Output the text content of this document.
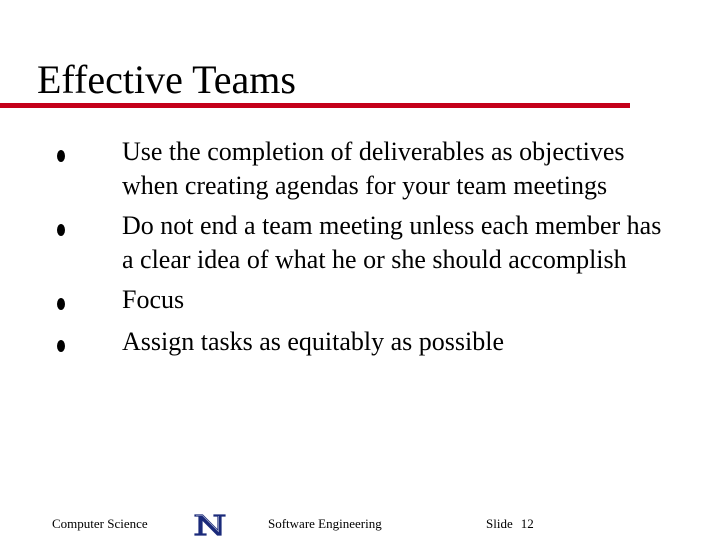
Effective Teams
Use the completion of deliverables as objectives when creating agendas for your team meetings
Do not end a team meeting unless each member has a clear idea of what he or she should accomplish
Focus
Assign tasks as equitably as possible
Computer Science	Software Engineering	Slide 12
